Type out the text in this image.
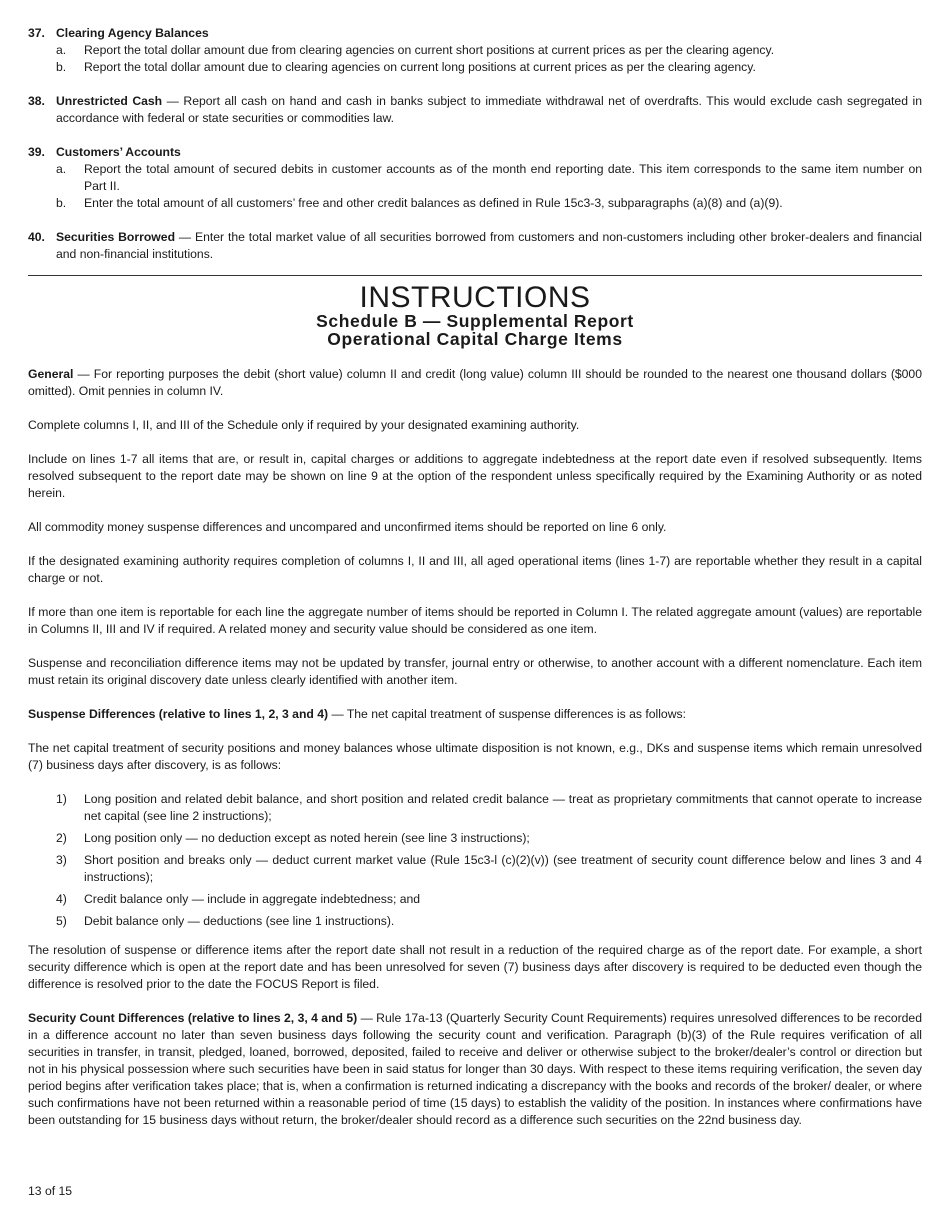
37. Clearing Agency Balances
a. Report the total dollar amount due from clearing agencies on current short positions at current prices as per the clearing agency.

b. Report the total dollar amount due to clearing agencies on current long positions at current prices as per the clearing agency.

38. Unrestricted Cash — Report all cash on hand and cash in banks subject to immediate withdrawal net of overdrafts. This would exclude cash segregated in accordance with federal or state securities or commodities law.

39. Customers’ Accounts
a. Report the total amount of secured debits in customer accounts as of the month end reporting date. This item corresponds to the same item number on Part II.

b. Enter the total amount of all customers’ free and other credit balances as defined in Rule 15c3-3, subparagraphs (a)(8) and (a)(9).

40. Securities Borrowed — Enter the total market value of all securities borrowed from customers and non-customers including other broker-dealers and financial and non-financial institutions.

INSTRUCTIONS
Schedule B — Supplemental Report
Operational Capital Charge Items

General — For reporting purposes the debit (short value) column II and credit (long value) column III should be rounded to the nearest one thousand dollars ($000 omitted). Omit pennies in column IV.

Complete columns I, II, and III of the Schedule only if required by your designated examining authority.

Include on lines 1-7 all items that are, or result in, capital charges or additions to aggregate indebtedness at the report date even if resolved subsequently. Items resolved subsequent to the report date may be shown on line 9 at the option of the respondent unless specifically required by the Examining Authority or as noted herein.

All commodity money suspense differences and uncompared and unconfirmed items should be reported on line 6 only.

If the designated examining authority requires completion of columns I, II and III, all aged operational items (lines 1-7) are reportable whether they result in a capital charge or not.

If more than one item is reportable for each line the aggregate number of items should be reported in Column I. The related aggregate amount (values) are reportable in Columns II, III and IV if required. A related money and security value should be considered as one item.

Suspense and reconciliation difference items may not be updated by transfer, journal entry or otherwise, to another account with a different nomenclature. Each item must retain its original discovery date unless clearly identified with another item.

Suspense Differences (relative to lines 1, 2, 3 and 4) — The net capital treatment of suspense differences is as follows:

The net capital treatment of security positions and money balances whose ultimate disposition is not known, e.g., DKs and suspense items which remain unresolved (7) business days after discovery, is as follows:

1) Long position and related debit balance, and short position and related credit balance — treat as proprietary commitments that cannot operate to increase net capital (see line 2 instructions);
2) Long position only — no deduction except as noted herein (see line 3 instructions);
3) Short position and breaks only — deduct current market value (Rule 15c3-l (c)(2)(v)) (see treatment of security count difference below and lines 3 and 4 instructions);
4) Credit balance only — include in aggregate indebtedness; and
5) Debit balance only — deductions (see line 1 instructions).

The resolution of suspense or difference items after the report date shall not result in a reduction of the required charge as of the report date. For example, a short security difference which is open at the report date and has been unresolved for seven (7) business days after discovery is required to be deducted even though the difference is resolved prior to the date the FOCUS Report is filed.

Security Count Differences (relative to lines 2, 3, 4 and 5) — Rule 17a-13 (Quarterly Security Count Requirements) requires unresolved differences to be recorded in a difference account no later than seven business days following the security count and verification. Paragraph (b)(3) of the Rule requires verification of all securities in transfer, in transit, pledged, loaned, borrowed, deposited, failed to receive and deliver or otherwise subject to the broker/dealer’s control or direction but not in his physical possession where such securities have been in said status for longer than 30 days. With respect to these items requiring verification, the seven day period begins after verification takes place; that is, when a confirmation is returned indicating a discrepancy with the books and records of the broker/ dealer, or where such confirmations have not been returned within a reasonable period of time (15 days) to establish the validity of the position. In instances where confirmations have been outstanding for 15 business days without return, the broker/dealer should record as a difference such securities on the 22nd business day.

13 of 15
